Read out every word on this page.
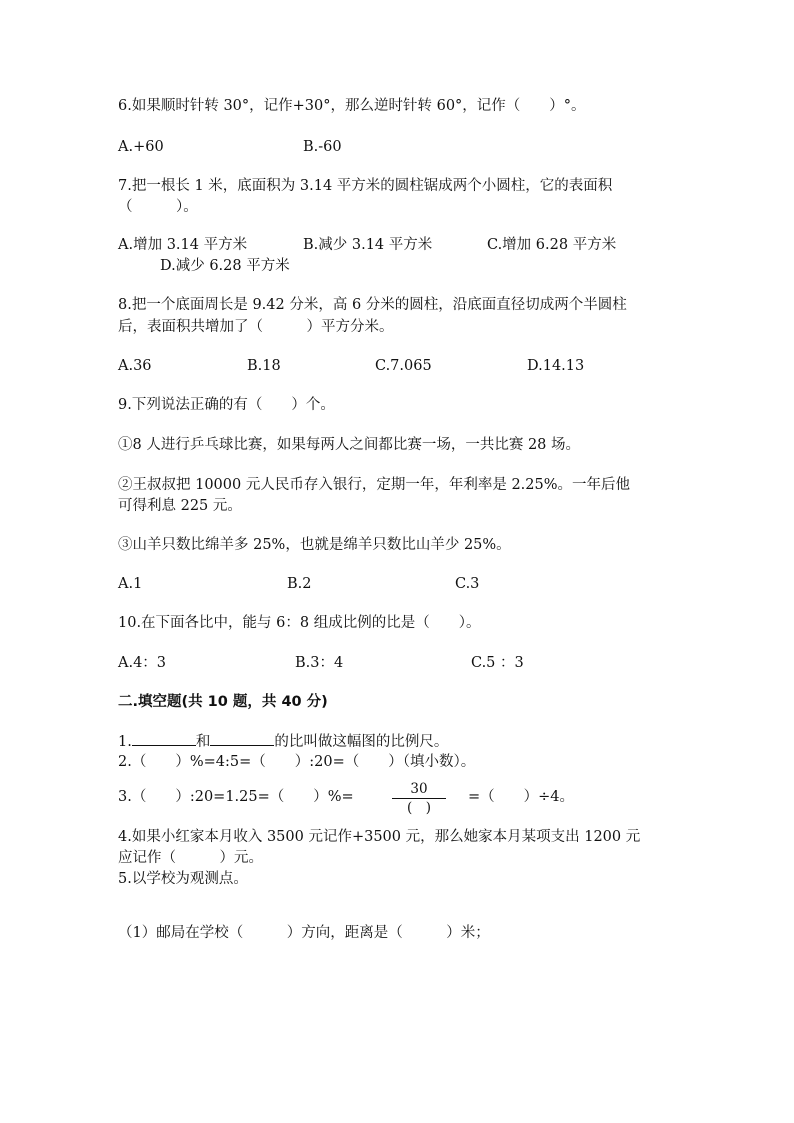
6.如果顺时针转 30°，记作+30°，那么逆时针转 60°，记作（　　）°。
A.+60	B.-60
7.把一根长 1 米，底面积为 3.14 平方米的圆柱锯成两个小圆柱，它的表面积
（　　　）。
A.增加 3.14 平方米	B.减少 3.14 平方米	C.增加 6.28 平方米
D.减少 6.28 平方米
8.把一个底面周长是 9.42 分米，高 6 分米的圆柱，沿底面直径切成两个半圆柱
后，表面积共增加了（　　　）平方分米。
A.36	B.18	C.7.065	D.14.13
9.下列说法正确的有（　　）个。
①8 人进行乒乓球比赛，如果每两人之间都比赛一场，一共比赛 28 场。
②王叔叔把 10000 元人民币存入银行，定期一年，年利率是 2.25%。一年后他
可得利息 225 元。
③山羊只数比绵羊多 25%，也就是绵羊只数比山羊少 25%。
A.1	B.2	C.3
10.在下面各比中，能与 6：8 组成比例的比是（　　）。
A.4：3	B.3：4	C.5 ：3
二.填空题(共 10 题，共 40 分)
1.	和	的比叫做这幅图的比例尺。
2.（　　）%=4:5=（　　）:20=（　　）（填小数）。
3.（　　）:20=1.25=（　　）%=	30
(　)
=（　　）÷4。
4.如果小红家本月收入 3500 元记作+3500 元，那么她家本月某项支出 1200 元
应记作（　　　）元。
5.以学校为观测点。
（1）邮局在学校（　　　）方向，距离是（　　　）米；
